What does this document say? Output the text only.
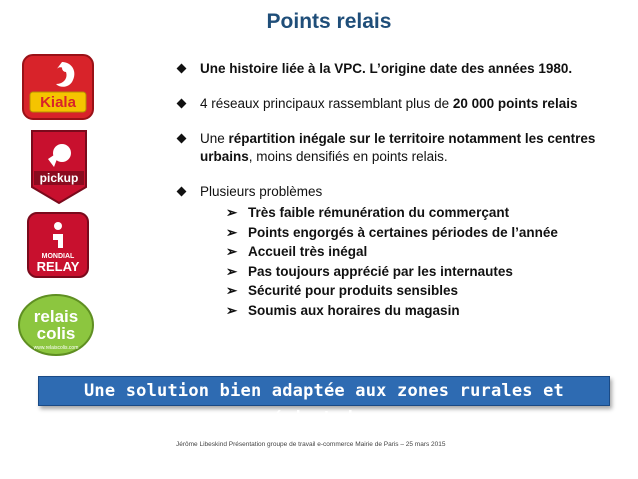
Points relais
Kiala
pickup
MONDIAL
RELAY
relais
colis
www.relaiscolis.com
Une histoire liée à la VPC. L’origine date des années 1980.
4 réseaux principaux rassemblant plus de 20 000 points relais
Une répartition inégale sur le territoire notamment les centres urbains, moins densifiés en points relais.
Plusieurs problèmes
➢ Très faible rémunération du commerçant
➢ Points engorgés à certaines périodes de l’année
➢ Accueil très inégal
➢ Pas toujours apprécié par les internautes
➢ Sécurité pour produits sensibles
➢ Soumis aux horaires du magasin
Une solution bien adaptée aux zones rurales et périurbaines
Jérôme Libeskind Présentation groupe de travail e-commerce Mairie de Paris – 25 mars 2015
